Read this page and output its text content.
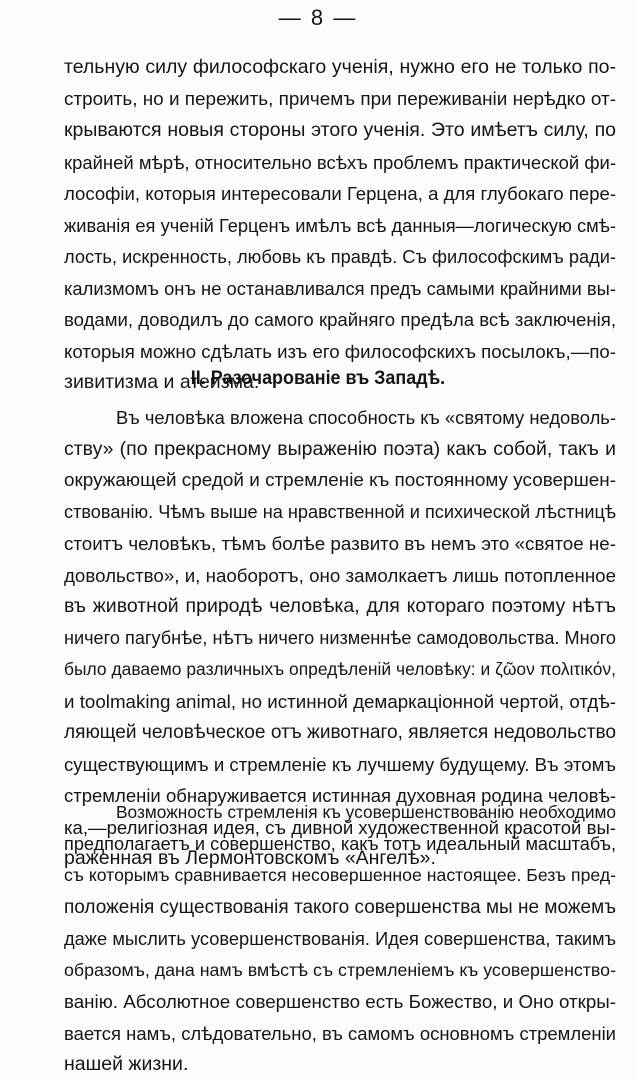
— 8 —
тельную силу философскаго ученія, нужно его не только по-
строить, но и пережить, причемъ при переживаніи нерѣдко от-
крываются новыя стороны этого ученія. Это имѣетъ силу, по
крайней мѣрѣ, относительно всѣхъ проблемъ практической фи-
лософіи, которыя интересовали Герцена, а для глубокаго пере-
живанія ея ученій Герценъ имѣлъ всѣ данныя—логическую смѣ-
лость, искренность, любовь къ правдѣ. Съ философскимъ ради-
кализмомъ онъ не останавливался предъ самыми крайними вы-
водами, доводилъ до самого крайняго предѣла всѣ заключенія,
которыя можно сдѣлать изъ его философскихъ посылокъ,—по-
зивитизма и атеизма.
II. Разочарованіе въ Западѣ.
Въ человѣка вложена способность къ «святому недоволь-
ству» (по прекрасному выраженію поэта) какъ собой, такъ и
окружающей средой и стремленіе къ постоянному усовершен-
ствованію. Чѣмъ выше на нравственной и психической лѣстницѣ
стоитъ человѣкъ, тѣмъ болѣе развито въ немъ это «святое не-
довольство», и, наоборотъ, оно замолкаетъ лишь потопленное
въ животной природѣ человѣка, для котораго поэтому нѣтъ
ничего пагубнѣе, нѣтъ ничего низменнѣе самодовольства. Много
было даваемо различныхъ опредѣленій человѣку: и ζῶον πολιτικόν,
и toolmaking animal, но истинной демаркаціонной чертой, отдѣ-
ляющей человѣческое отъ животнаго, является недовольство
существующимъ и стремленіе къ лучшему будущему. Въ этомъ
стремленіи обнаруживается истинная духовная родина человѣ-
ка,—религіозная идея, съ дивной художественной красотой вы-
раженная въ Лермонтовскомъ «Ангелѣ».
Возможность стремленія къ усовершенствованію необходимо
предполагаетъ и совершенство, какъ тотъ идеальный масштабъ,
съ которымъ сравнивается несовершенное настоящее. Безъ пред-
положенія существованія такого совершенства мы не можемъ
даже мыслить усовершенствованія. Идея совершенства, такимъ
образомъ, дана намъ вмѣстѣ съ стремленіемъ къ усовершенство-
ванію. Абсолютное совершенство есть Божество, и Оно откры-
вается намъ, слѣдовательно, въ самомъ основномъ стремленіи
нашей жизни.
